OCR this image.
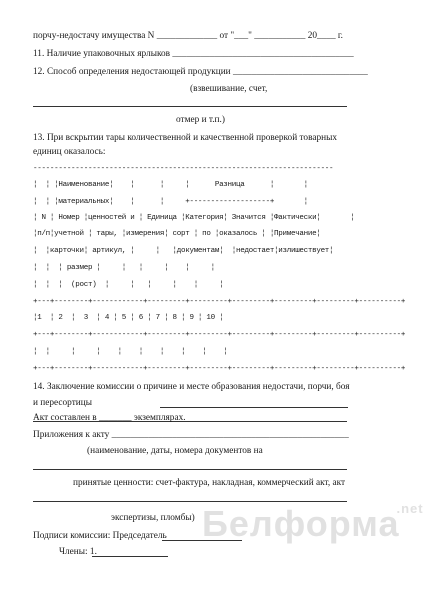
порчу-недостачу имущества N _____________ от "___" ___________ 20____ г.
11. Наличие упаковочных ярлыков _______________________________________
12. Способ определения недостающей продукции _____________________________
(взвешивание, счет,
отмер и т.п.)
13. При вскрытии тары количественной и качественной проверкой товарных
единиц оказалось:
-----------------------------------------------------------------------
¦  ¦ ¦Наименование¦    ¦      ¦     ¦      Разница      ¦       ¦
¦  ¦ ¦материальных¦    ¦      ¦     +-------------------+       ¦
¦ N ¦ Номер ¦ценностей и ¦ Единица ¦Категория¦ Значится ¦Фактически¦       ¦
¦п/п¦учетной ¦ тары, ¦измерения¦ сорт ¦ по ¦оказалось ¦ ¦Примечание¦
¦  ¦карточки¦ артикул, ¦     ¦   ¦документам¦  ¦недостает¦излишествует¦
¦  ¦  ¦ размер ¦     ¦   ¦     ¦    ¦     ¦
¦  ¦  ¦  (рост)  ¦     ¦   ¦     ¦    ¦     ¦
+---+--------+------------+---------+---------+---------+---------+---------+----------+
¦1  ¦ 2  ¦  3  ¦ 4 ¦ 5 ¦ 6 ¦ 7 ¦ 8 ¦ 9 ¦ 10 ¦
+---+--------+------------+---------+---------+---------+---------+---------+----------+
¦  ¦     ¦     ¦    ¦    ¦    ¦    ¦    ¦    ¦
+---+--------+------------+---------+---------+---------+---------+---------+----------+
14. Заключение комиссии о причине и месте образования недостачи, порчи, боя
и пересортицы
Акт составлен в _______ экземплярах.
Приложения к акту ___________________________________________________
(наименование, даты, номера документов на
принятые ценности: счет-фактура, накладная, коммерческий акт, акт
экспертизы, пломбы)
Подписи комиссии: Председатель
Члены: 1.
Белформа$^{.net}$
